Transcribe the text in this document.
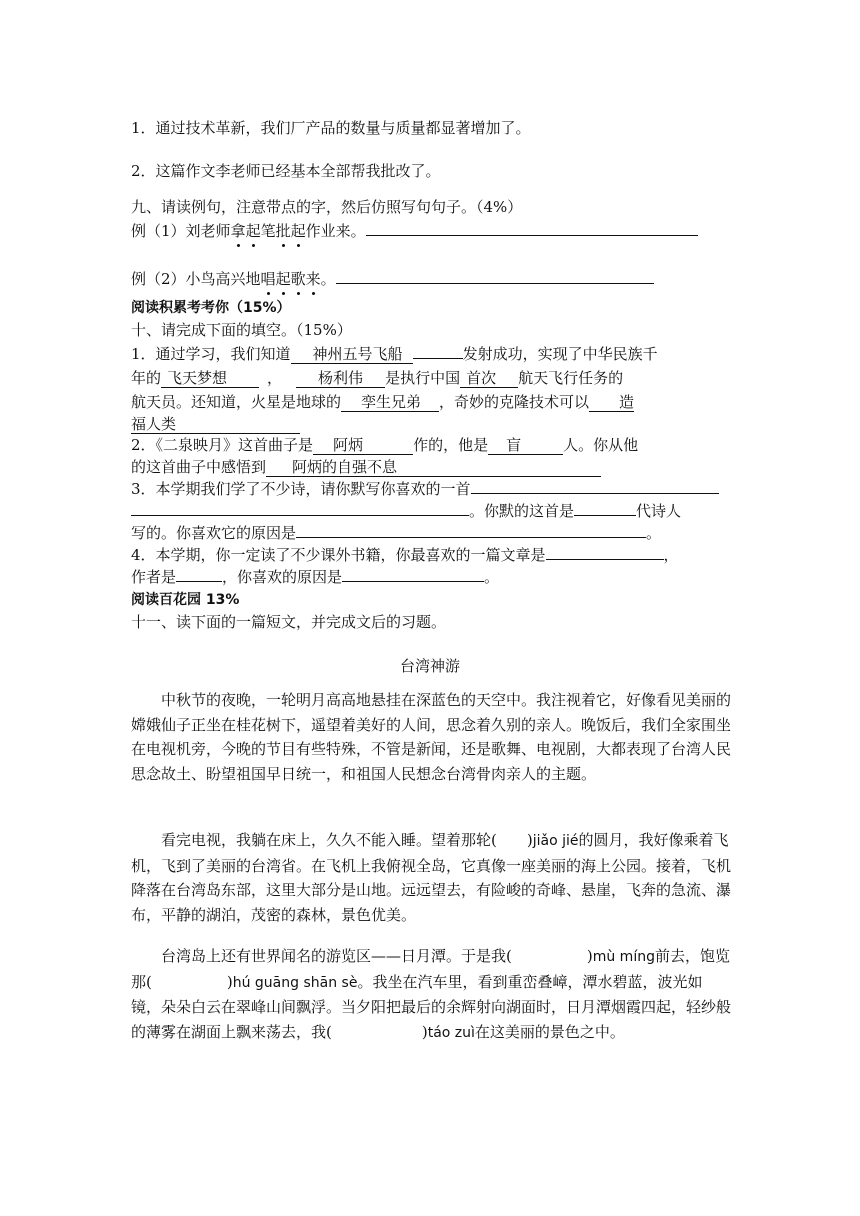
1．通过技术革新，我们厂产品的数量与质量都显著增加了。
2．这篇作文李老师已经基本全部帮我批改了。
九、请读例句，注意带点的字，然后仿照写句句子。（4%）
例（1）刘老师拿起笔批起作业来。
例（2）小鸟高兴地唱起歌来。
阅读积累考考你（15%）
十、请完成下面的填空。（15%）
1．通过学习，我们知道 神州五号飞船	发射成功，实现了中华民族千
年的 飞天梦想	， 杨利伟 是执行中国 首次 航天飞行任务的
航天员。还知道，火星是地球的 孪生兄弟 ，奇妙的克隆技术可以 造
福人类
2．《二泉映月》这首曲子是 阿炳	作的，他是 盲	人。你从他
的这首曲子中感悟到 阿炳的自强不息
3．本学期我们学了不少诗，请你默写你喜欢的一首
。你默的这首是	代诗人
写的。你喜欢它的原因是	。
4．本学期，你一定读了不少课外书籍，你最喜欢的一篇文章是	，
作者是	，你喜欢的原因是	。
阅读百花园 13%
十一、读下面的一篇短文，并完成文后的习题。
台湾神游
　　中秋节的夜晚，一轮明月高高地悬挂在深蓝色的天空中。我注视着它，好像看见美丽的嫦娥仙子正坐在桂花树下，遥望着美好的人间，思念着久别的亲人。晚饭后，我们全家围坐在电视机旁，今晚的节目有些特殊，不管是新闻，还是歌舞、电视剧，大都表现了台湾人民思念故土、盼望祖国早日统一，和祖国人民想念台湾骨肉亲人的主题。
　　看完电视，我躺在床上，久久不能入睡。望着那轮(　　)jiǎo jié的圆月，我好像乘着飞机，飞到了美丽的台湾省。在飞机上我俯视全岛，它真像一座美丽的海上公园。接着，飞机降落在台湾岛东部，这里大部分是山地。远远望去，有险峻的奇峰、悬崖，飞奔的急流、瀑布，平静的湖泊，茂密的森林，景色优美。
　　台湾岛上还有世界闻名的游览区——日月潭。于是我(　　　　　)mù míng前去，饱览那(　　　　　)hú guāng shān sè。我坐在汽车里，看到重峦叠嶂，潭水碧蓝，波光如镜，朵朵白云在翠峰山间飘浮。当夕阳把最后的余辉射向湖面时，日月潭烟霞四起，轻纱般的薄雾在湖面上飘来荡去，我(　　　　　　)táo zuì在这美丽的景色之中。
